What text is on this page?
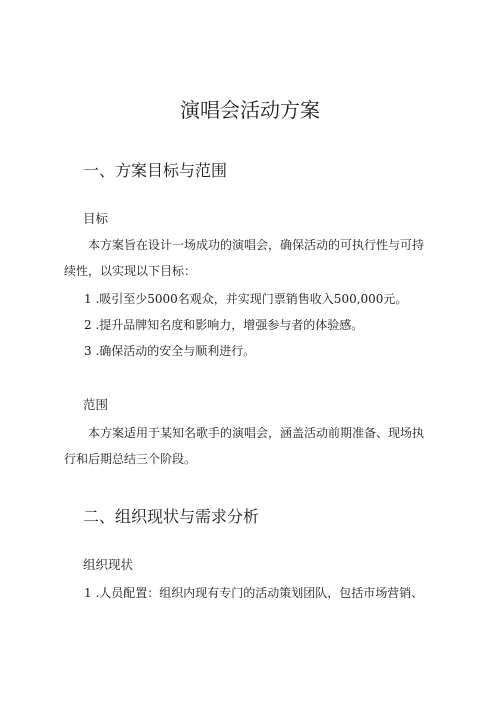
演唱会活动方案
一、方案目标与范围
目标
本方案旨在设计一场成功的演唱会，确保活动的可执行性与可持
续性，以实现以下目标：
1 .吸引至少5000名观众，并实现门票销售收入500,000元。
2 .提升品牌知名度和影响力，增强参与者的体验感。
3 .确保活动的安全与顺利进行。
范围
本方案适用于某知名歌手的演唱会，涵盖活动前期准备、现场执
行和后期总结三个阶段。
二、组织现状与需求分析
组织现状
1 .人员配置：组织内现有专门的活动策划团队，包括市场营销、
